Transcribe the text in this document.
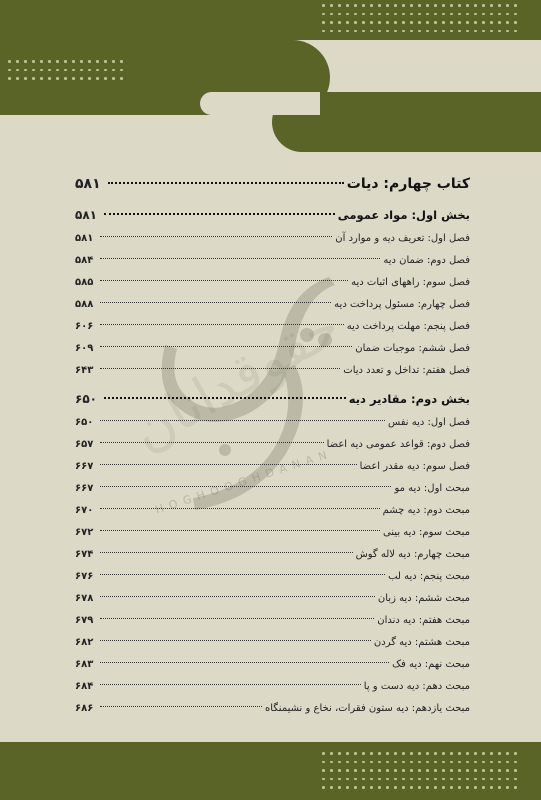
حقوقدانان
HOGHOOGHDANAN
کتاب چهارم: دیات
۵۸۱
بخش اول: مواد عمومی
۵۸۱
فصل اول: تعریف دیه و موارد آن
۵۸۱
فصل دوم: ضمان دیه
۵۸۴
فصل سوم: راههای اثبات دیه
۵۸۵
فصل چهارم: مسئول پرداخت دیه
۵۸۸
فصل پنجم: مهلت پرداخت دیه
۶۰۶
فصل ششم: موجبات ضمان
۶۰۹
فصل هفتم: تداخل و تعدد دیات
۶۴۳
بخش دوم: مقادیر دیه
۶۵۰
فصل اول: دیه نفس
۶۵۰
فصل دوم: قواعد عمومی دیه اعضا
۶۵۷
فصل سوم: دیه مقدر اعضا
۶۶۷
مبحث اول: دیه مو
۶۶۷
مبحث دوم: دیه چشم
۶۷۰
مبحث سوم: دیه بینی
۶۷۲
مبحث چهارم: دیه لاله گوش
۶۷۴
مبحث پنجم: دیه لب
۶۷۶
مبحث ششم: دیه زبان
۶۷۸
مبحث هفتم: دیه دندان
۶۷۹
مبحث هشتم: دیه گردن
۶۸۲
مبحث نهم: دیه فک
۶۸۳
مبحث دهم: دیه دست و پا
۶۸۴
مبحث یازدهم: دیه ستون فقرات، نخاع و نشیمنگاه
۶۸۶
